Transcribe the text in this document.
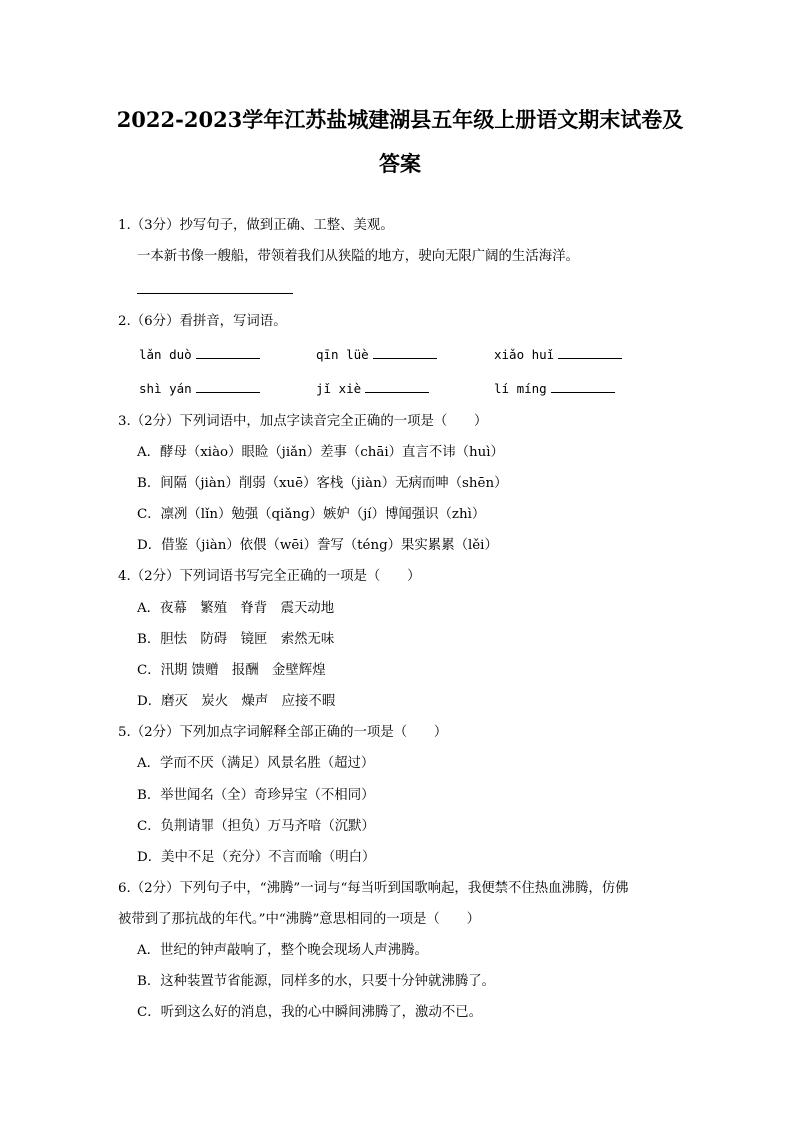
2022-2023学年江苏盐城建湖县五年级上册语文期末试卷及
答案
1.（3分）抄写句子，做到正确、工整、美观。
一本新书像一艘船，带领着我们从狭隘的地方，驶向无限广阔的生活海洋。
2.（6分）看拼音，写词语。
lǎn duò	qīn lüè	xiǎo huǐ
shì yán	jǐ xiè	lí míng
3.（2分）下列词语中，加点字读音完全正确的一项是（　　）
A．酵母（xiào）眼睑（jiǎn）差事（chāi）直言不讳（huì）
B．间隔（jiàn）削弱（xuē）客栈（jiàn）无病而呻（shēn）
C．凛冽（lǐn）勉强（qiǎng）嫉妒（jí）博闻强识（zhì）
D．借鉴（jiàn）依偎（wēi）誊写（téng）果实累累（lěi）
4.（2分）下列词语书写完全正确的一项是（　　）
A．夜幕　繁殖　脊背　震天动地
B．胆怯　防碍　镜匣　索然无味
C．汛期 馈赠　报酬　金壁辉煌
D．磨灭　炭火　燥声　应接不暇
5.（2分）下列加点字词解释全部正确的一项是（　　）
A．学而不厌（满足）风景名胜（超过）
B．举世闻名（全）奇珍异宝（不相同）
C．负荆请罪（担负）万马齐喑（沉默）
D．美中不足（充分）不言而喻（明白）
6.（2分）下列句子中，“沸腾”一词与“每当听到国歌响起，我便禁不住热血沸腾，仿佛
被带到了那抗战的年代。”中“沸腾”意思相同的一项是（　　）
A．世纪的钟声敲响了，整个晚会现场人声沸腾。
B．这种装置节省能源，同样多的水，只要十分钟就沸腾了。
C．听到这么好的消息，我的心中瞬间沸腾了，激动不已。
